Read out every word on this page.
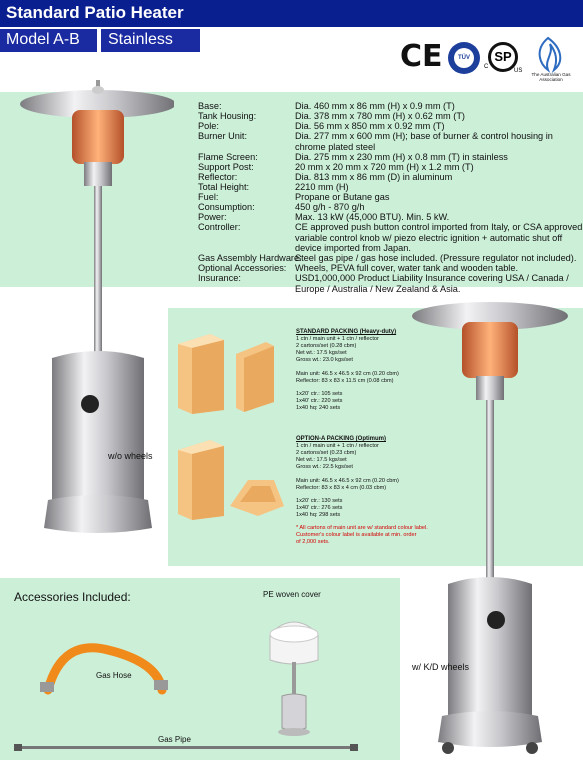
Standard Patio Heater
Model A-B Stainless	CE	TÜV	SP
C
US
The Australian Gas Association
w/o wheels
Base:	Dia. 460 mm x 86 mm (H) x 0.9 mm (T)
Tank Housing:	Dia. 378 mm x 780 mm (H) x 0.62 mm (T)
Pole:	Dia. 56 mm x 850 mm x 0.92 mm (T)
Burner Unit:	Dia. 277 mm x 600 mm (H); base of burner & control housing in chrome plated steel
Flame Screen:	Dia. 275 mm x 230 mm (H) x 0.8 mm (T) in stainless
Support Post:	20 mm x 20 mm x 720 mm (H) x 1.2 mm (T)
Reflector:	Dia. 813 mm x 86 mm (D) in aluminum
Total Height:	2210 mm (H)
Fuel:	Propane or Butane gas
Consumption:	450 g/h - 870 g/h
Power:	Max. 13 kW (45,000 BTU). Min. 5 kW.
Controller:	CE approved push button control imported from Italy, or CSA approved variable control knob w/ piezo electric ignition + automatic shut off device imported from Japan.
Gas Assembly Hardware:
Steel gas pipe / gas hose included. (Pressure regulator not included).
Optional Accessories: Wheels, PEVA full cover, water tank and wooden table.
Insurance:	USD1,000,000 Product Liability Insurance covering USA / Canada / Europe / Australia / New Zealand & Asia.
STANDARD PACKING (Heavy-duty)
1 ctn / main unit + 1 ctn / reflector
2 cartons/set (0.28 cbm)
Net wt.: 17.5 kgs/set
Gross wt.: 23.0 kgs/set
Main unit: 46.5 x 46.5 x 92 cm (0.20 cbm)
Reflector: 83 x 83 x 11.5 cm (0.08 cbm)
1x20' ctr.: 105 sets
1x40' ctr.: 220 sets
1x40 hq: 240 sets
OPTION-A PACKING (Optimum)
1 ctn / main unit + 1 ctn / reflector
2 cartons/set (0.23 cbm)
Net wt.: 17.5 kgs/set
Gross wt.: 22.5 kgs/set
Main unit: 46.5 x 46.5 x 92 cm (0.20 cbm)
Reflector: 83 x 83 x 4 cm (0.03 cbm)
1x20' ctr.: 130 sets
1x40' ctr.: 276 sets
1x40 hq: 298 sets
* All cartons of main unit are w/ standard colour label.
Customer's colour label is available at min. order
of 2,000 sets.
w/ K/D wheels
Accessories Included:	PE woven cover
Gas Hose
Gas Pipe
